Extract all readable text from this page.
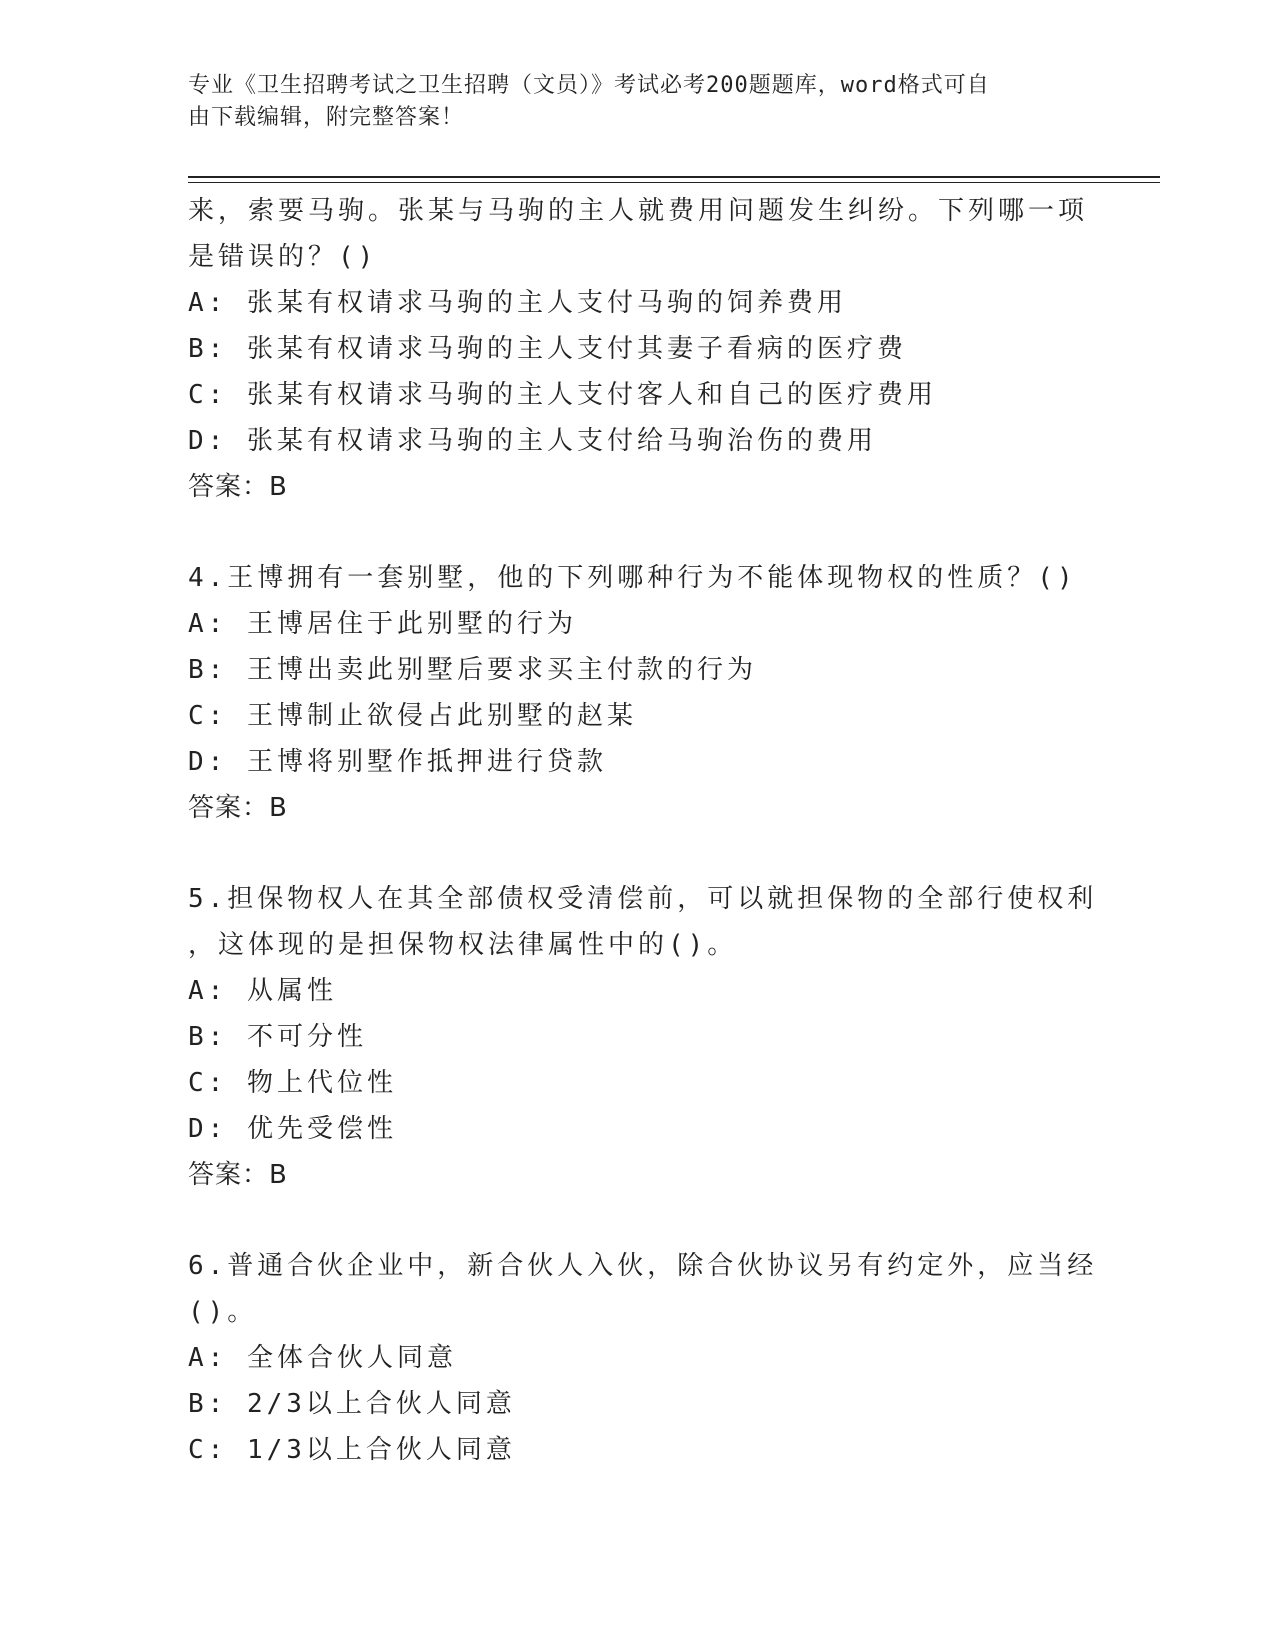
专业《卫生招聘考试之卫生招聘（文员）》考试必考200题题库，word格式可自
由下载编辑，附完整答案！
来，索要马驹。张某与马驹的主人就费用问题发生纠纷。下列哪一项
是错误的？()
A: 张某有权请求马驹的主人支付马驹的饲养费用
B: 张某有权请求马驹的主人支付其妻子看病的医疗费
C: 张某有权请求马驹的主人支付客人和自己的医疗费用
D: 张某有权请求马驹的主人支付给马驹治伤的费用
答案：B
4.王博拥有一套别墅，他的下列哪种行为不能体现物权的性质？()
A: 王博居住于此别墅的行为
B: 王博出卖此别墅后要求买主付款的行为
C: 王博制止欲侵占此别墅的赵某
D: 王博将别墅作抵押进行贷款
答案：B
5.担保物权人在其全部债权受清偿前，可以就担保物的全部行使权利
，这体现的是担保物权法律属性中的()。
A: 从属性
B: 不可分性
C: 物上代位性
D: 优先受偿性
答案：B
6.普通合伙企业中，新合伙人入伙，除合伙协议另有约定外，应当经
()。
A: 全体合伙人同意
B: 2/3以上合伙人同意
C: 1/3以上合伙人同意
